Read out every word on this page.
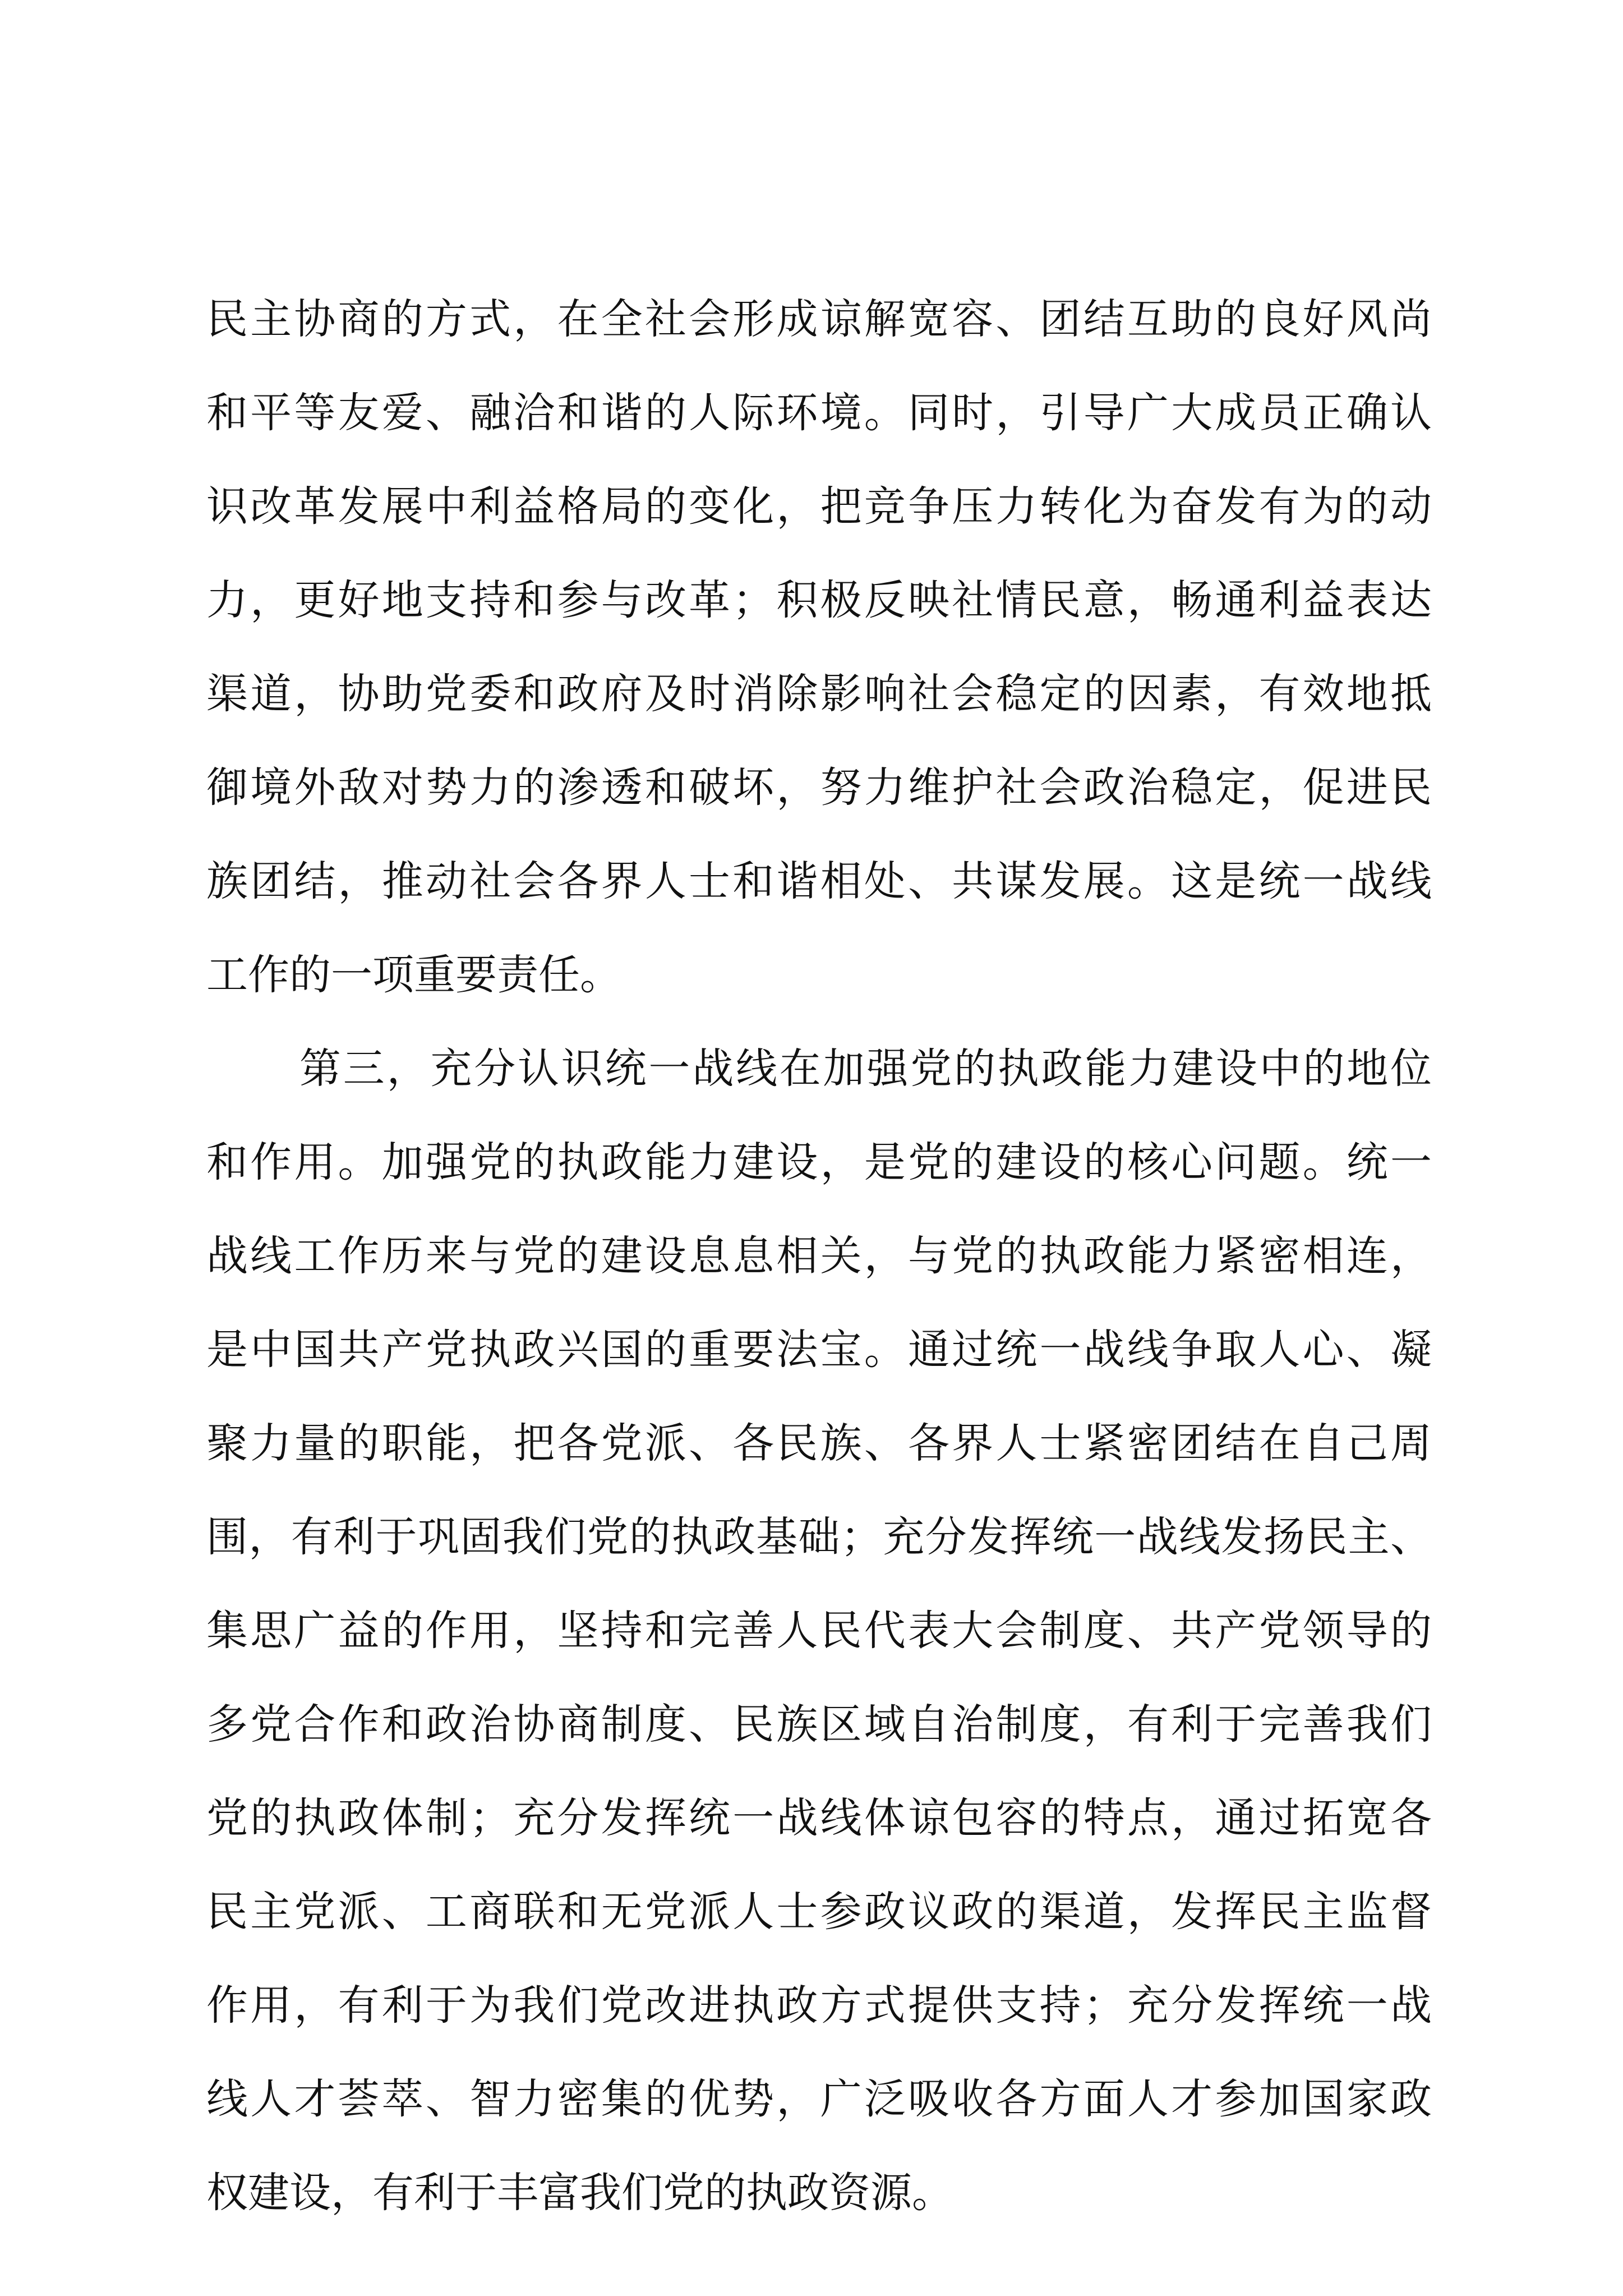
民主协商的方式，在全社会形成谅解宽容、团结互助的良好风尚
和平等友爱、融洽和谐的人际环境。同时，引导广大成员正确认
识改革发展中利益格局的变化，把竞争压力转化为奋发有为的动
力，更好地支持和参与改革；积极反映社情民意，畅通利益表达
渠道，协助党委和政府及时消除影响社会稳定的因素，有效地抵
御境外敌对势力的渗透和破坏，努力维护社会政治稳定，促进民
族团结，推动社会各界人士和谐相处、共谋发展。这是统一战线
工作的一项重要责任。
第三，充分认识统一战线在加强党的执政能力建设中的地位
和作用。加强党的执政能力建设，是党的建设的核心问题。统一
战线工作历来与党的建设息息相关，与党的执政能力紧密相连，
是中国共产党执政兴国的重要法宝。通过统一战线争取人心、凝
聚力量的职能，把各党派、各民族、各界人士紧密团结在自己周
围，有利于巩固我们党的执政基础；充分发挥统一战线发扬民主、
集思广益的作用，坚持和完善人民代表大会制度、共产党领导的
多党合作和政治协商制度、民族区域自治制度，有利于完善我们
党的执政体制；充分发挥统一战线体谅包容的特点，通过拓宽各
民主党派、工商联和无党派人士参政议政的渠道，发挥民主监督
作用，有利于为我们党改进执政方式提供支持；充分发挥统一战
线人才荟萃、智力密集的优势，广泛吸收各方面人才参加国家政
权建设，有利于丰富我们党的执政资源。
